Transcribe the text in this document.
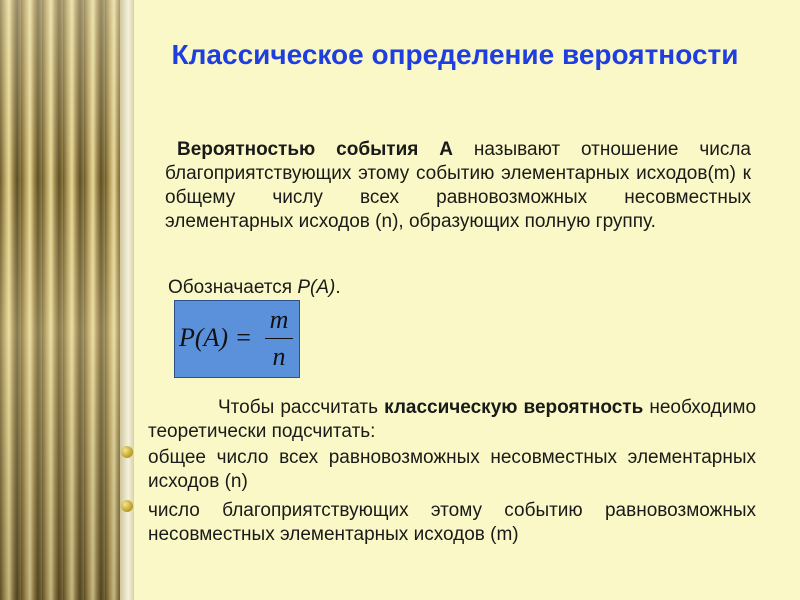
Классическое определение вероятности

Вероятностью события А называют отношение числа благоприятствующих этому событию элементарных исходов(m) к общему числу всех равновозможных несовместных элементарных исходов (n), образующих полную группу.

Обозначается P(A).

P(A) =
m
n

Чтобы рассчитать классическую вероятность необходимо теоретически подсчитать:

общее число всех равновозможных несовместных элементарных исходов (n)

число благоприятствующих этому событию равновозможных несовместных элементарных исходов (m)
